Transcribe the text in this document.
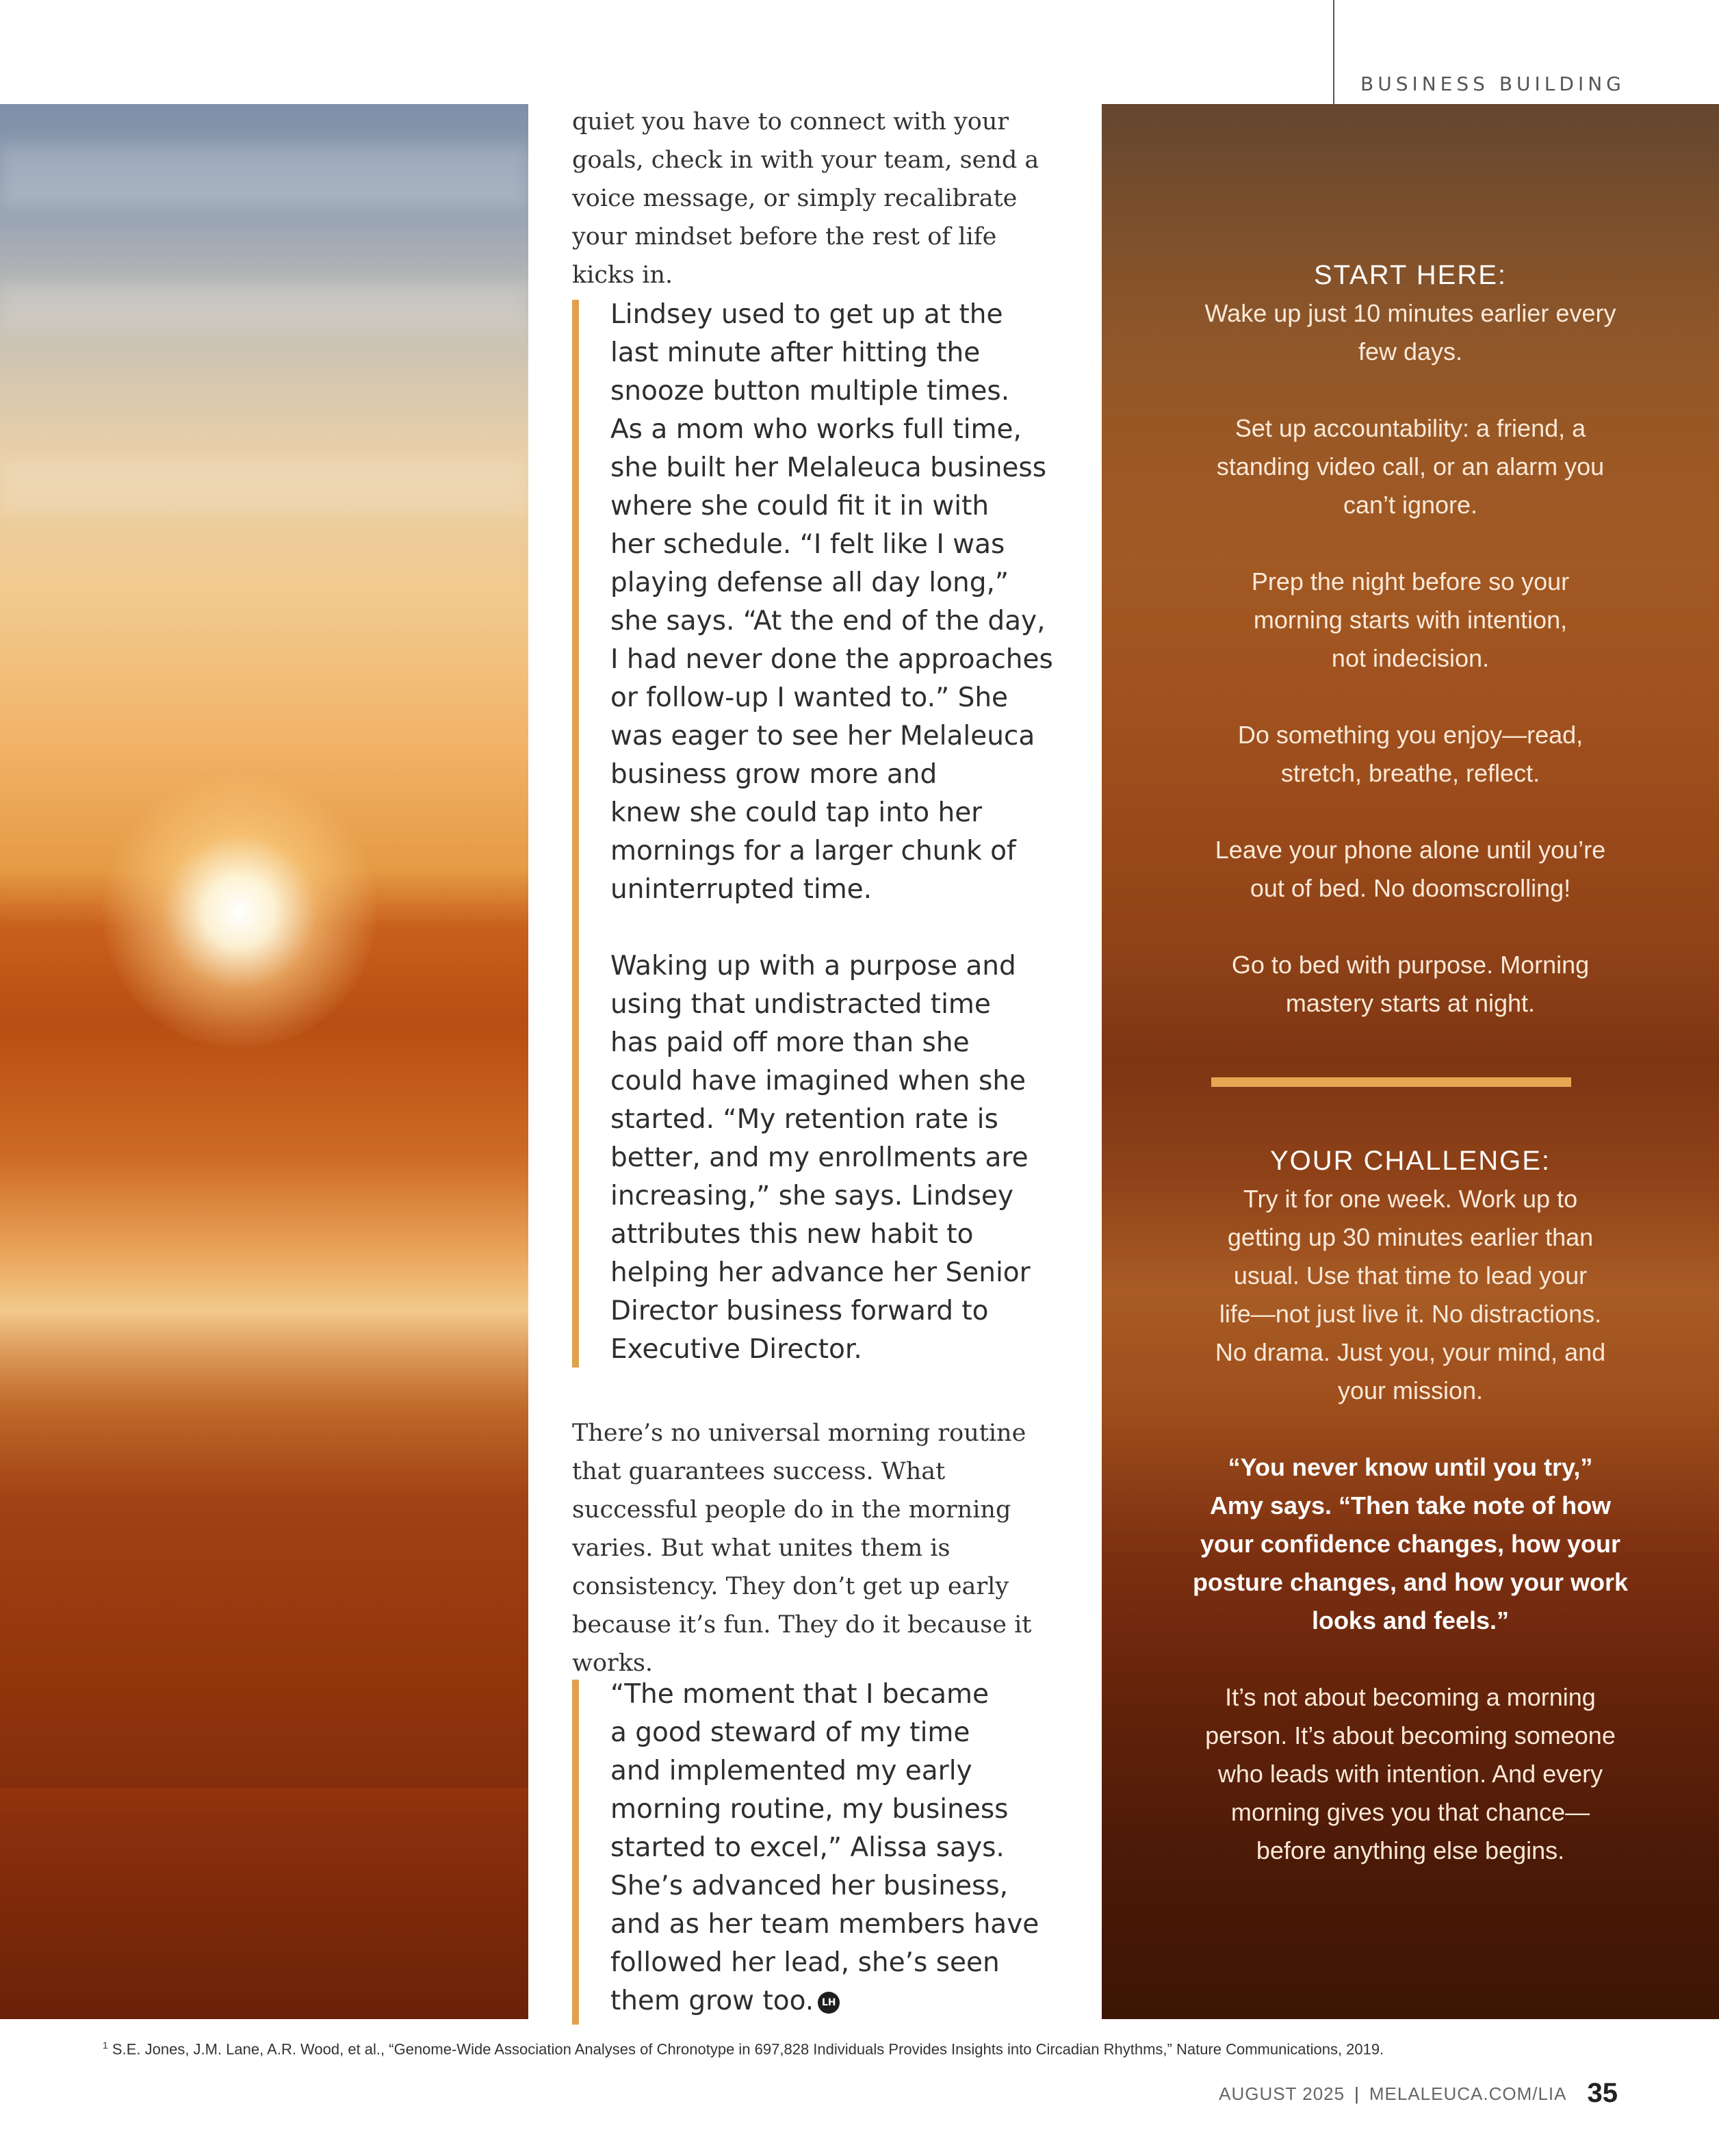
BUSINESS BUILDING
quiet you have to connect with your goals, check in with your team, send a voice message, or simply recalibrate your mindset before the rest of life kicks in.
Lindsey used to get up at the
last minute after hitting the
snooze button multiple times.
As a mom who works full time,
she built her Melaleuca business
where she could fit it in with
her schedule. “I felt like I was
playing defense all day long,”
she says. “At the end of the day,
I had never done the approaches
or follow-up I wanted to.” She
was eager to see her Melaleuca
business grow more and
knew she could tap into her
mornings for a larger chunk of
uninterrupted time.

Waking up with a purpose and
using that undistracted time
has paid off more than she
could have imagined when she
started. “My retention rate is
better, and my enrollments are
increasing,” she says. Lindsey
attributes this new habit to
helping her advance her Senior
Director business forward to
Executive Director.
There’s no universal morning routine that guarantees success. What successful people do in the morning varies. But what unites them is consistency. They don’t get up early because it’s fun. They do it because it works.
“The moment that I became
a good steward of my time
and implemented my early
morning routine, my business
started to excel,” Alissa says.
She’s advanced her business,
and as her team members have
followed her lead, she’s seen
them grow too. LH
START HERE:
Wake up just 10 minutes earlier every
few days.
Set up accountability: a friend, a
standing video call, or an alarm you
can’t ignore.
Prep the night before so your
morning starts with intention,
not indecision.
Do something you enjoy—read,
stretch, breathe, reflect.
Leave your phone alone until you’re
out of bed. No doomscrolling!
Go to bed with purpose. Morning
mastery starts at night.
YOUR CHALLENGE:
Try it for one week. Work up to
getting up 30 minutes earlier than
usual. Use that time to lead your
life—not just live it. No distractions.
No drama. Just you, your mind, and
your mission.
“You never know until you try,”
Amy says. “Then take note of how
your confidence changes, how your
posture changes, and how your work
looks and feels.”
It’s not about becoming a morning
person. It’s about becoming someone
who leads with intention. And every
morning gives you that chance—
before anything else begins.
$^1$ S.E. Jones, J.M. Lane, A.R. Wood, et al., “Genome-Wide Association Analyses of Chronotype in 697,828 Individuals Provides Insights into Circadian Rhythms,” Nature Communications, 2019.
AUGUST 2025 | MELALEUCA.COM/LIA 35
